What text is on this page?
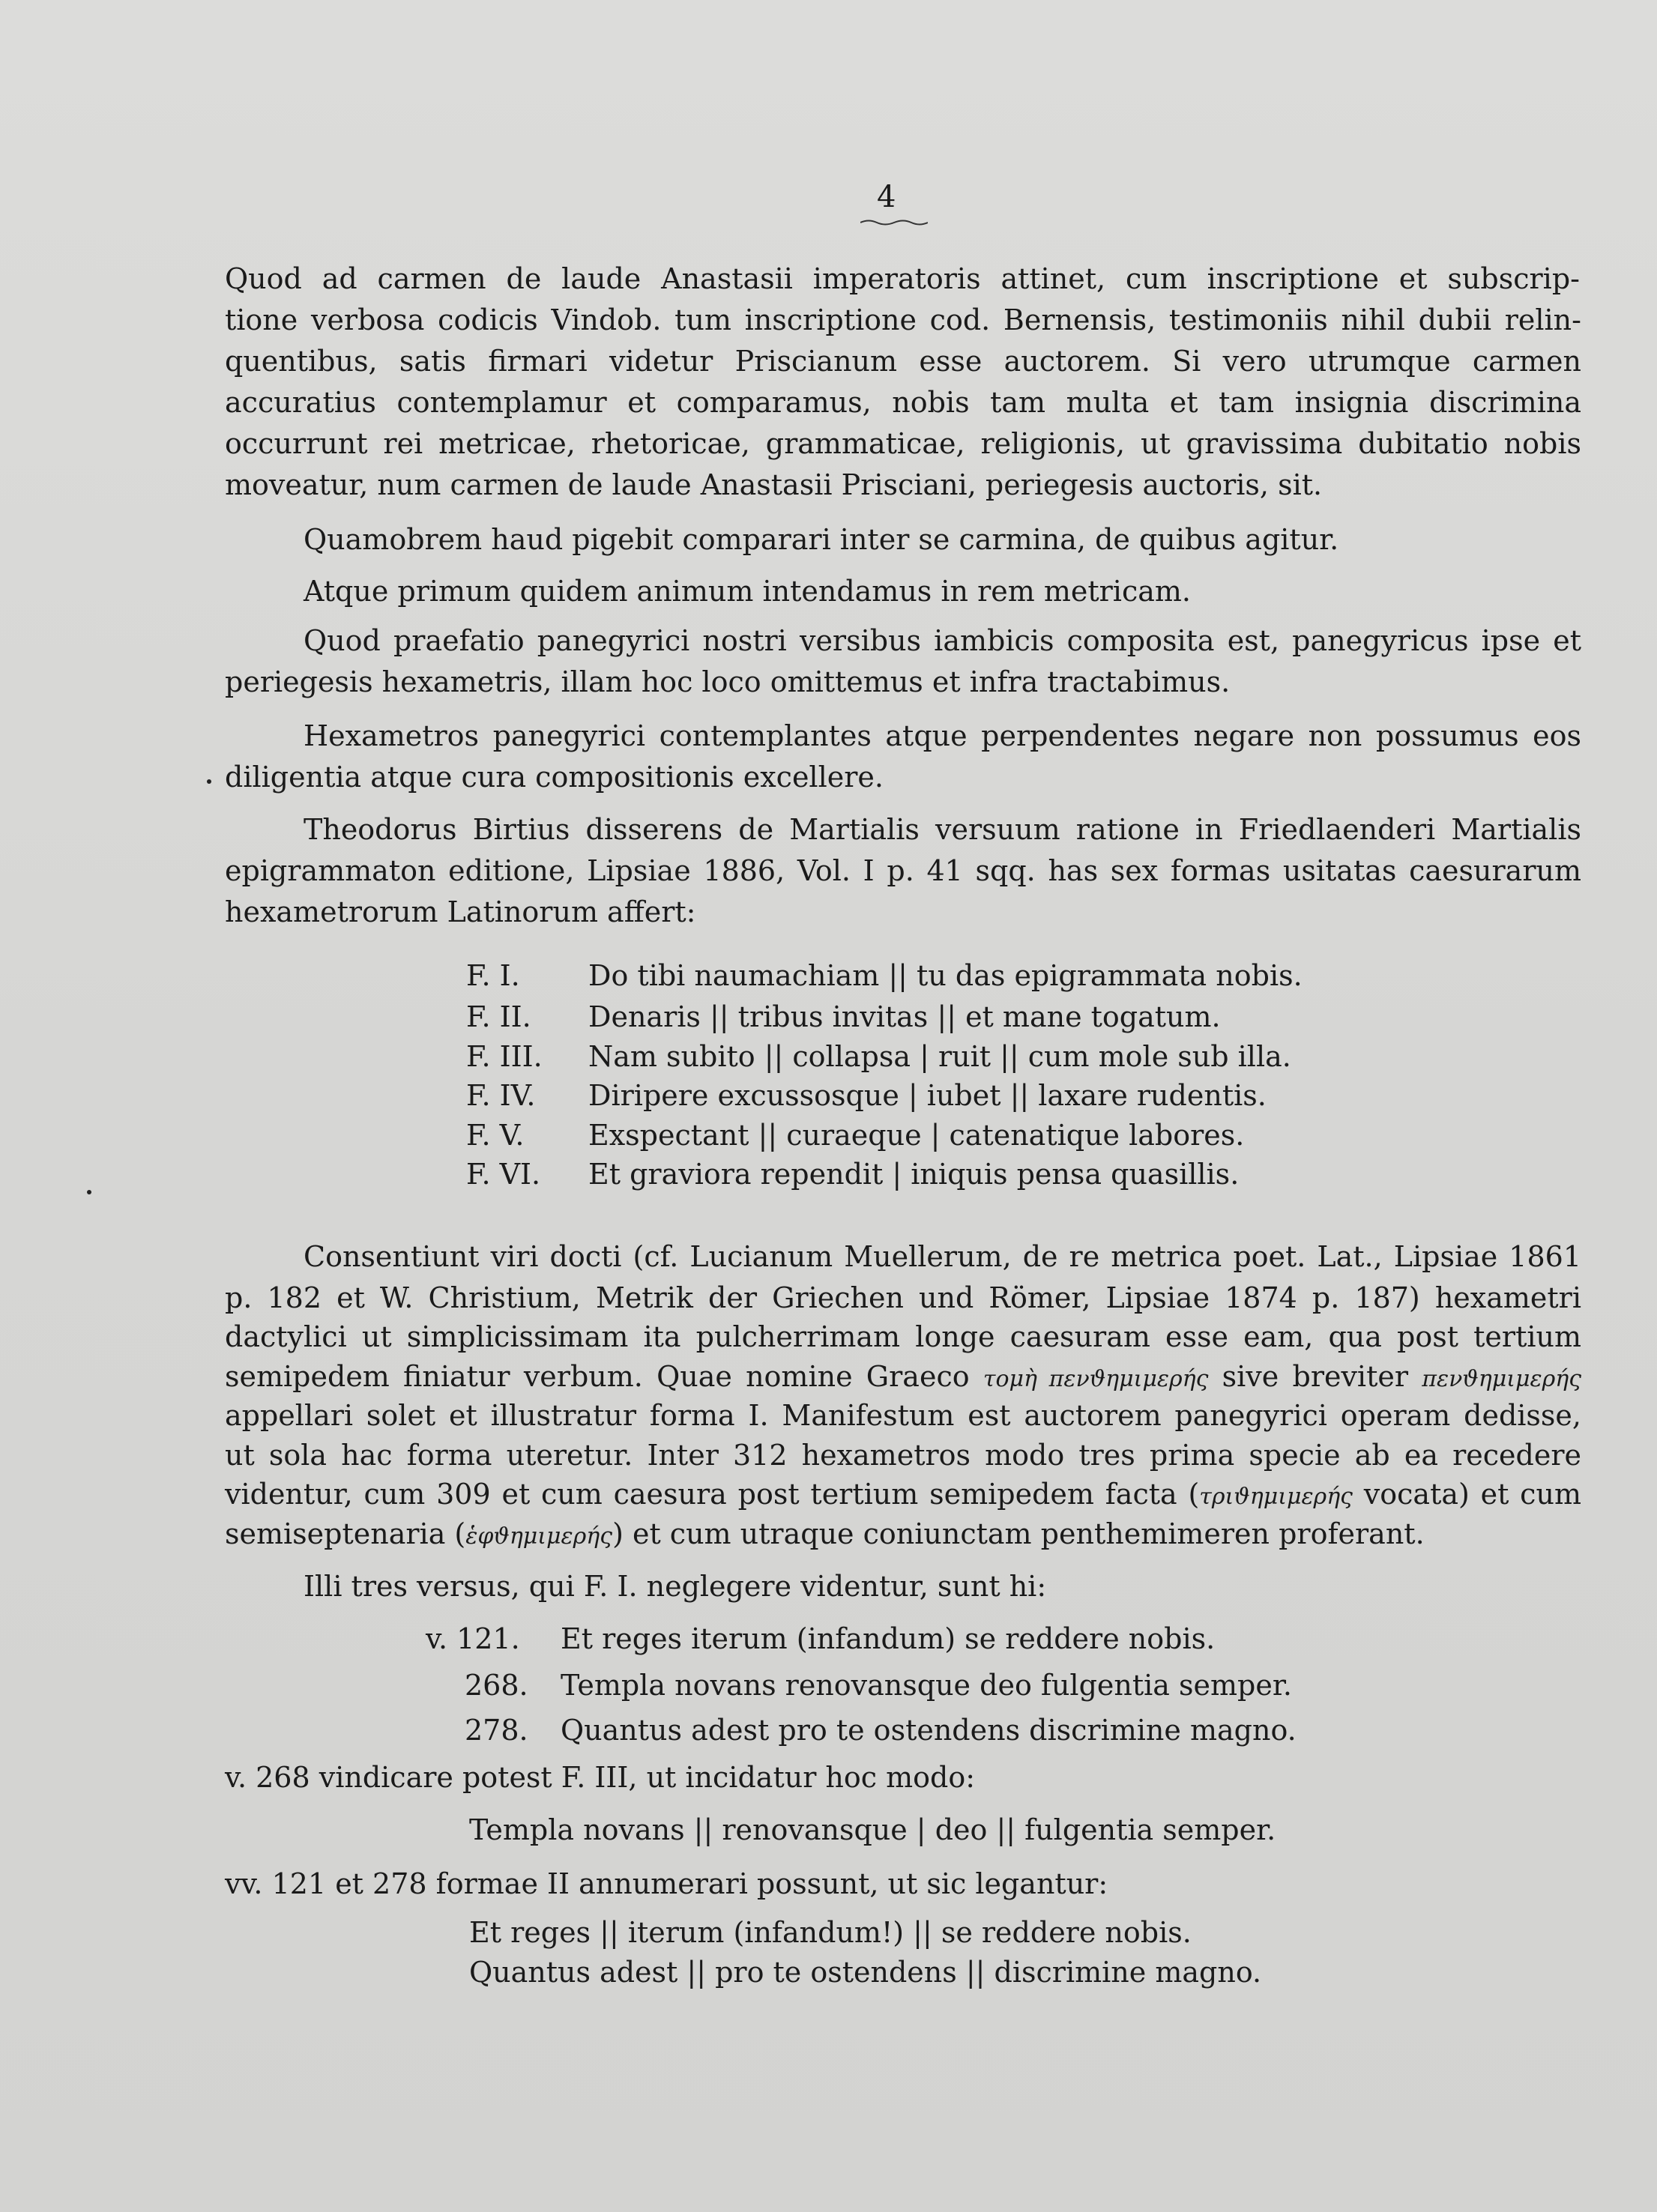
4
Quod ad carmen de laude Anastasii imperatoris attinet, cum inscriptione et subscrip-
tione verbosa codicis Vindob. tum inscriptione cod. Bernensis, testimoniis nihil dubii relin-
quentibus, satis firmari videtur Priscianum esse auctorem. Si vero utrumque carmen
accuratius contemplamur et comparamus, nobis tam multa et tam insignia discrimina
occurrunt rei metricae, rhetoricae, grammaticae, religionis, ut gravissima dubitatio nobis
moveatur, num carmen de laude Anastasii Prisciani, periegesis auctoris, sit.
Quamobrem haud pigebit comparari inter se carmina, de quibus agitur.
Atque primum quidem animum intendamus in rem metricam.
Quod praefatio panegyrici nostri versibus iambicis composita est, panegyricus ipse et
periegesis hexametris, illam hoc loco omittemus et infra tractabimus.
Hexametros panegyrici contemplantes atque perpendentes negare non possumus eos
diligentia atque cura compositionis excellere.
Theodorus Birtius disserens de Martialis versuum ratione in Friedlaenderi Martialis
epigrammaton editione, Lipsiae 1886, Vol. I p. 41 sqq. has sex formas usitatas caesurarum
hexametrorum Latinorum affert:
F. I. Do tibi naumachiam || tu das epigrammata nobis.
F. II. Denaris || tribus invitas || et mane togatum.
F. III. Nam subito || collapsa | ruit || cum mole sub illa.
F. IV. Diripere excussosque | iubet || laxare rudentis.
F. V. Exspectant || curaeque | catenatique labores.
F. VI. Et graviora rependit | iniquis pensa quasillis.
Consentiunt viri docti (cf. Lucianum Muellerum, de re metrica poet. Lat., Lipsiae 1861
p. 182 et W. Christium, Metrik der Griechen und Römer, Lipsiae 1874 p. 187) hexametri
dactylici ut simplicissimam ita pulcherrimam longe caesuram esse eam, qua post tertium
semipedem finiatur verbum. Quae nomine Graeco τομὴ πενϑημιμερής sive breviter πενϑημιμερής
appellari solet et illustratur forma I. Manifestum est auctorem panegyrici operam dedisse,
ut sola hac forma uteretur. Inter 312 hexametros modo tres prima specie ab ea recedere
videntur, cum 309 et cum caesura post tertium semipedem facta (τριϑημιμερής vocata) et cum
semiseptenaria (ἑφϑημιμερής) et cum utraque coniunctam penthemimeren proferant.
Illi tres versus, qui F. I. neglegere videntur, sunt hi:
v. 121. Et reges iterum (infandum) se reddere nobis.
268. Templa novans renovansque deo fulgentia semper.
278. Quantus adest pro te ostendens discrimine magno.
v. 268 vindicare potest F. III, ut incidatur hoc modo:
Templa novans || renovansque | deo || fulgentia semper.
vv. 121 et 278 formae II annumerari possunt, ut sic legantur:
Et reges || iterum (infandum!) || se reddere nobis.
Quantus adest || pro te ostendens || discrimine magno.
